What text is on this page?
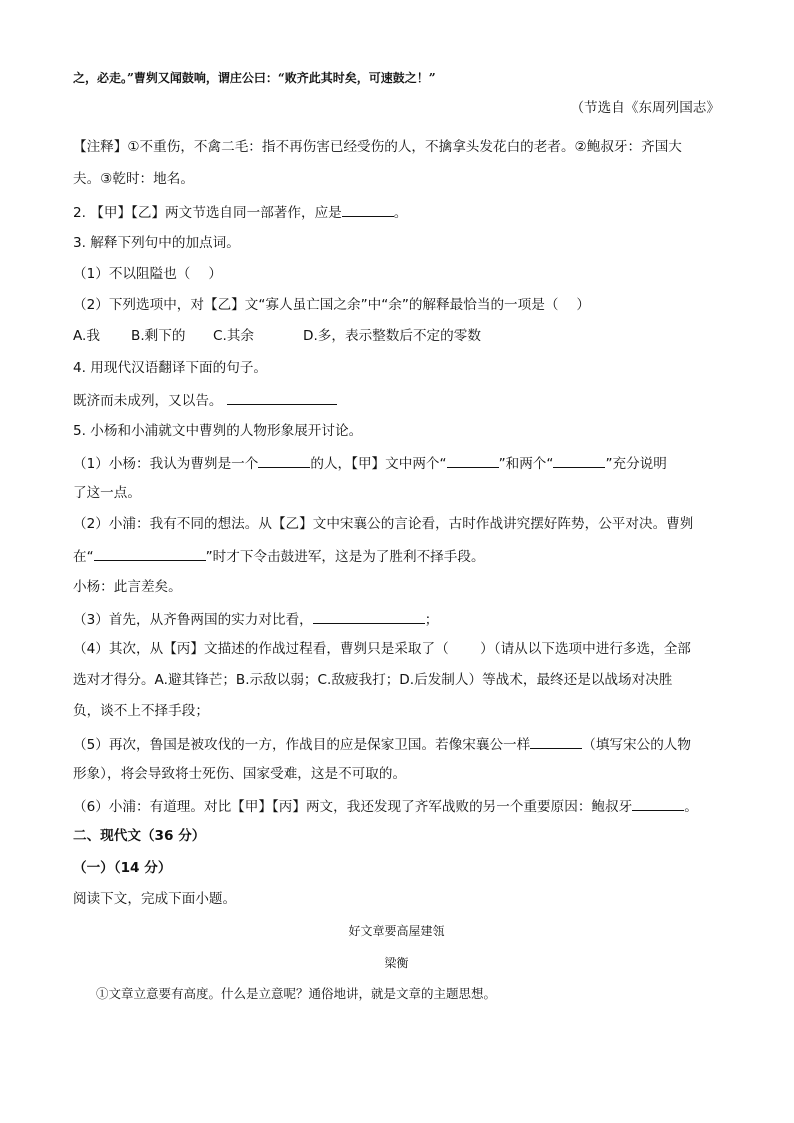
之，必走。”曹刿又闻鼓响，谓庄公曰：“败齐此其时矣，可速鼓之！”
（节选自《东周列国志》
【注释】①不重伤，不禽二毛：指不再伤害已经受伤的人，不擒拿头发花白的老者。②鲍叔牙：齐国大
夫。③乾时：地名。
2. 【甲】【乙】两文节选自同一部著作，应是	。
3. 解释下列句中的加点词。
（1）不以阻隘也（　 ）
（2）下列选项中，对【乙】文“寡人虽亡国之余”中“余”的解释最恰当的一项是（　 ）
A.我 B.剩下的 C.其余	D.多，表示整数后不定的零数
4. 用现代汉语翻译下面的句子。
既济而未成列，又以告。
5. 小杨和小浦就文中曹刿的人物形象展开讨论。
（1）小杨：我认为曹刿是一个	的人，【甲】文中两个“	”和两个“	”充分说明
了这一点。
（2）小浦：我有不同的想法。从【乙】文中宋襄公的言论看，古时作战讲究摆好阵势，公平对决。曹刿
在“	”时才下令击鼓进军，这是为了胜利不择手段。
小杨：此言差矣。
（3）首先，从齐鲁两国的实力对比看，	；
（4）其次，从【丙】文描述的作战过程看，曹刿只是采取了（　　 ）（请从以下选项中进行多选，全部
选对才得分。A.避其锋芒；B.示敌以弱；C.敌疲我打；D.后发制人）等战术，最终还是以战场对决胜
负，谈不上不择手段；
（5）再次，鲁国是被攻伐的一方，作战目的应是保家卫国。若像宋襄公一样	（填写宋公的人物
形象），将会导致将士死伤、国家受难，这是不可取的。
（6）小浦：有道理。对比【甲】【丙】两文，我还发现了齐军战败的另一个重要原因：鲍叔牙	。
二、现代文（36 分）
（一）（14 分）
阅读下文，完成下面小题。
好文章要高屋建瓴
梁衡
①文章立意要有高度。什么是立意呢？通俗地讲，就是文章的主题思想。
